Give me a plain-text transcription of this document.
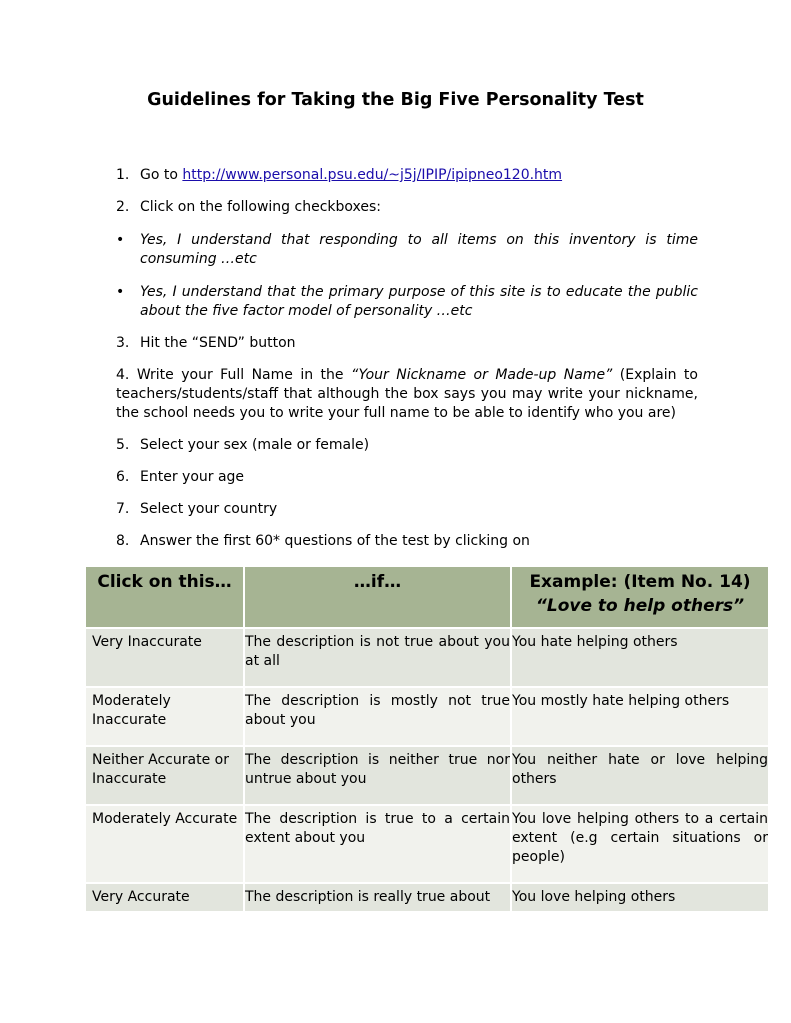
Guidelines for Taking the Big Five Personality Test
1. Go to http://www.personal.psu.edu/~j5j/IPIP/ipipneo120.htm
2. Click on the following checkboxes:
• Yes, I understand that responding to all items on this inventory is time consuming …etc
• Yes, I understand that the primary purpose of this site is to educate the public about the five factor model of personality …etc
3. Hit the “SEND” button
4. Write your Full Name in the “Your Nickname or Made-up Name” (Explain to teachers/students/staff that although the box says you may write your nickname, the school needs you to write your full name to be able to identify who you are)
5. Select your sex (male or female)
6. Enter your age
7. Select your country
8. Answer the first 60* questions of the test by clicking on
Click on this…	…if…	Example: (Item No. 14)
“Love to help others”

Very Inaccurate	The description is not true about you at all	You hate helping others
Moderately Inaccurate	The description is mostly not true about you	You mostly hate helping others
Neither Accurate or Inaccurate	The description is neither true nor untrue about you	You neither hate or love helping others
Moderately Accurate	The description is true to a certain extent about you	You love helping others to a certain extent (e.g certain situations or people)
Very Accurate	The description is really true about	You love helping others
